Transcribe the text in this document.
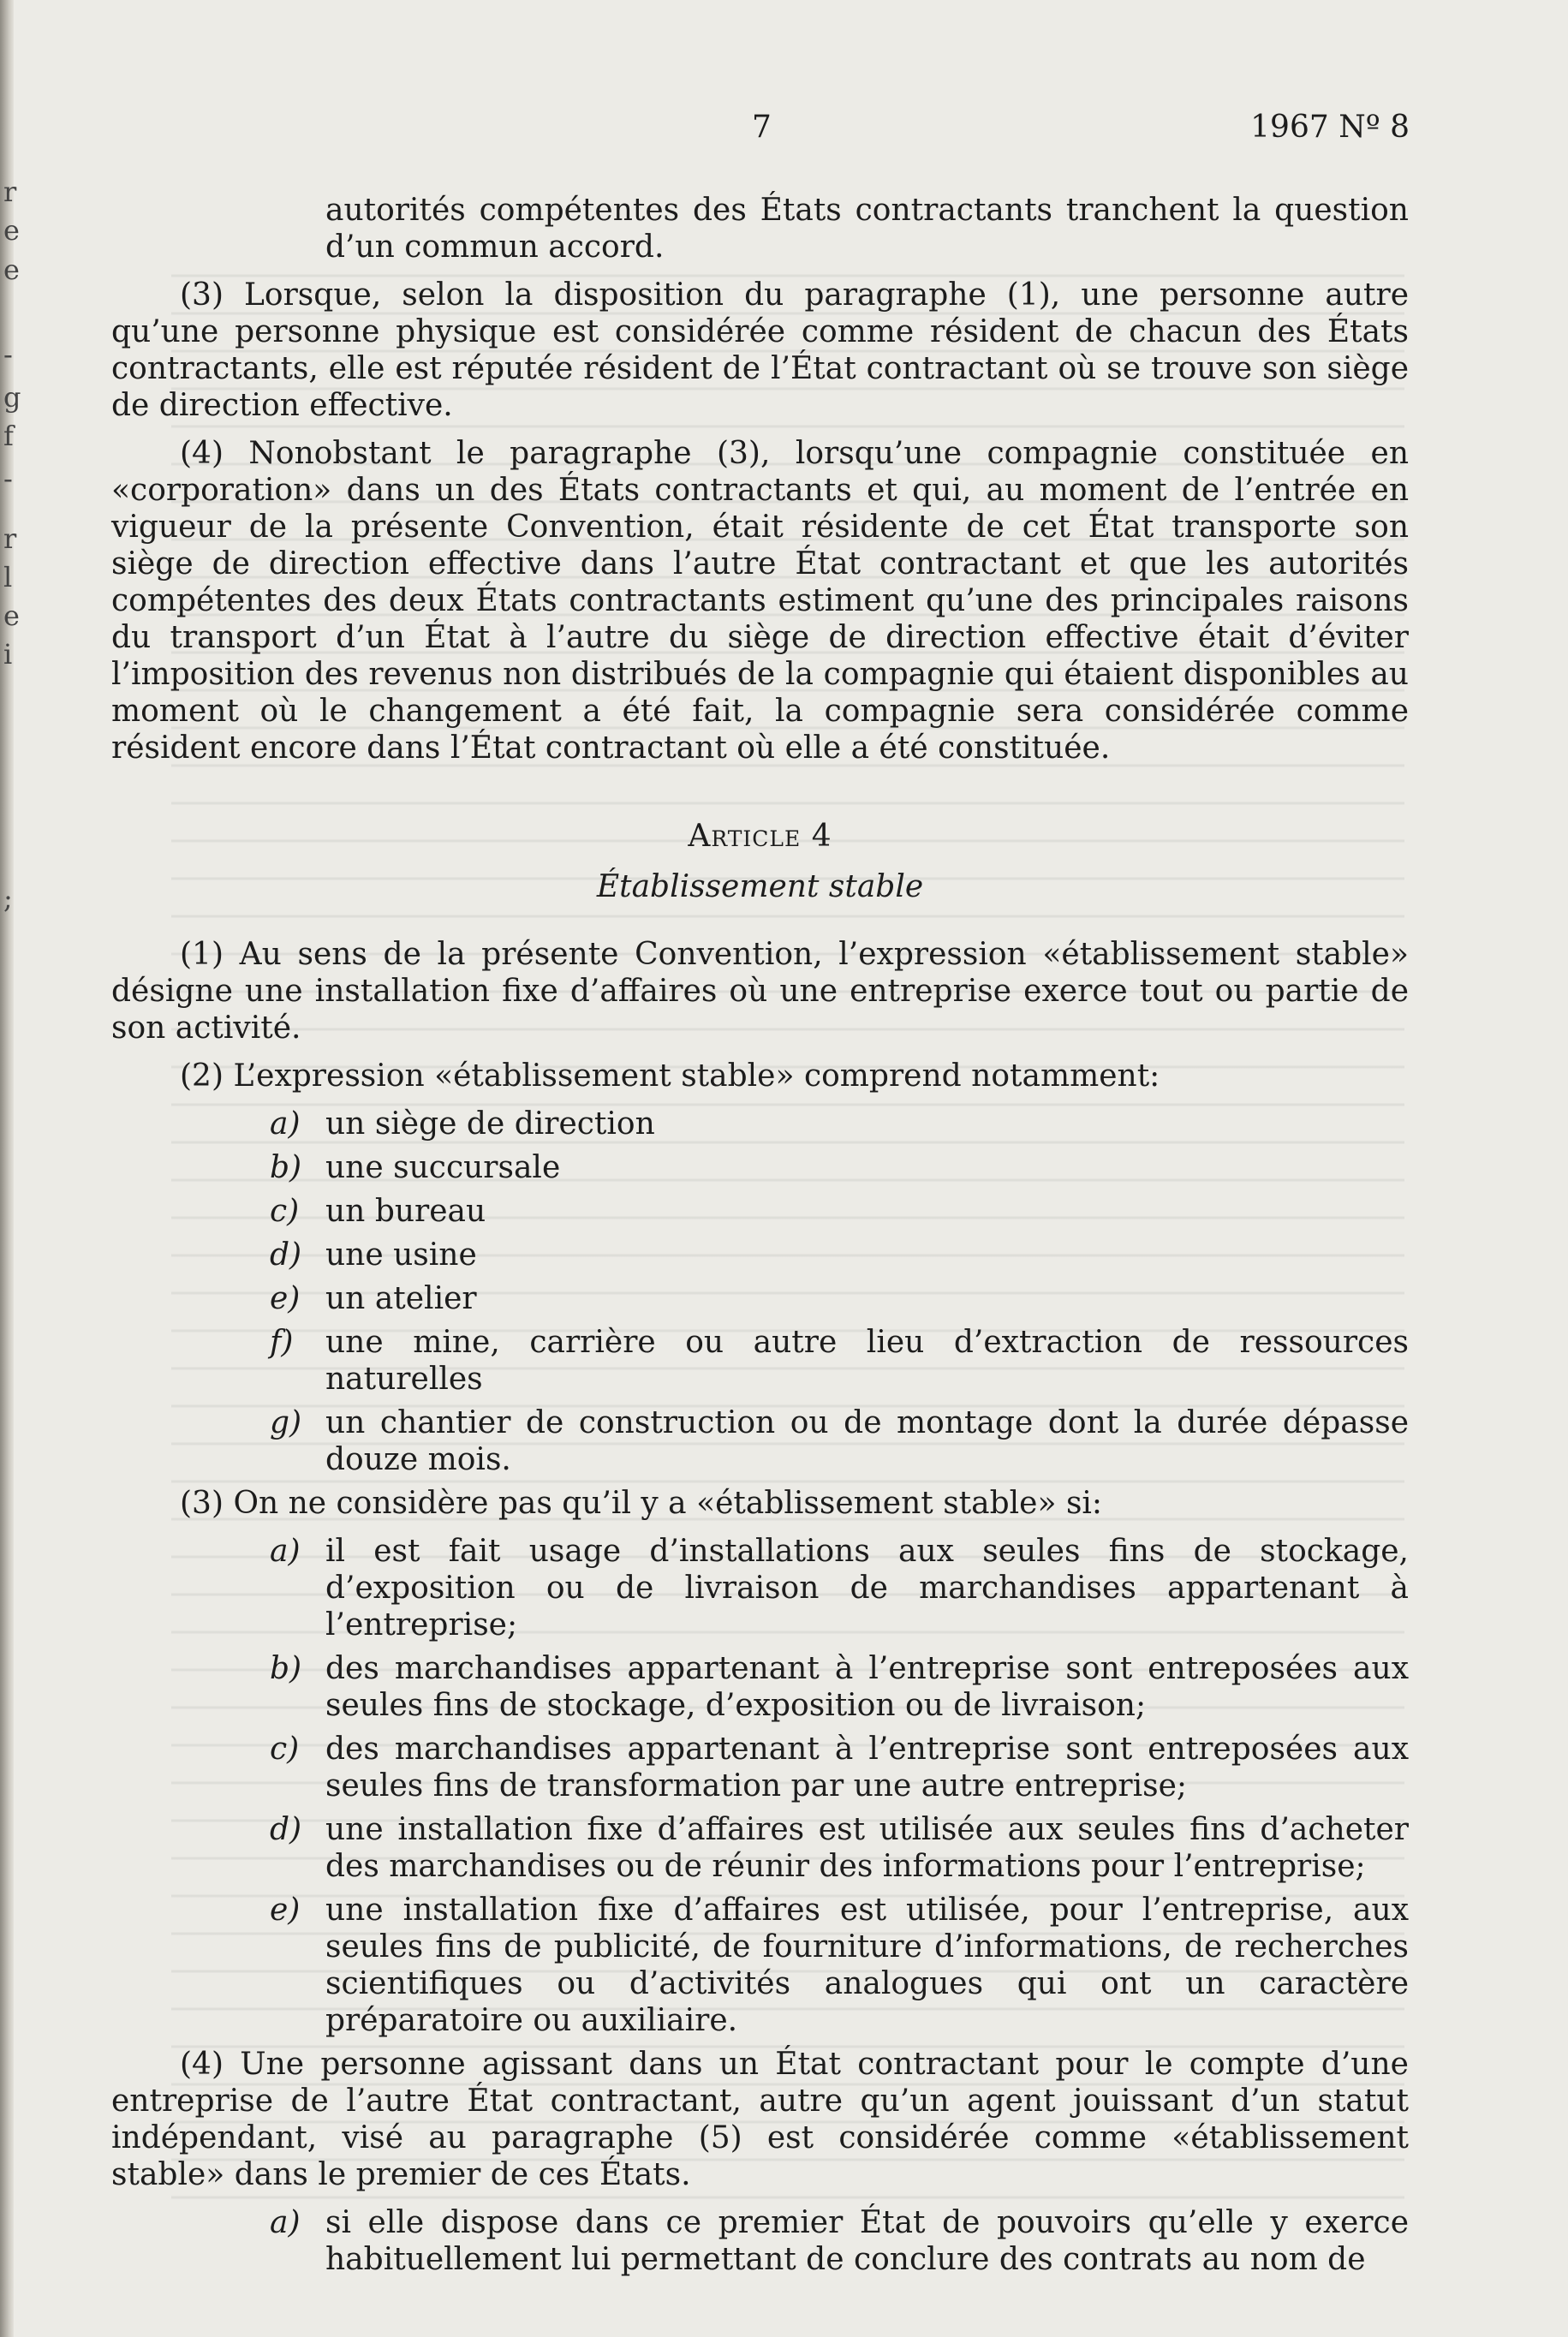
r
e
e
-
g
f
-
r
l
e
i
;
7	1967 Nº 8

autorités compétentes des États contractants tranchent la question d’un commun accord.

(3) Lorsque, selon la disposition du paragraphe (1), une personne autre qu’une personne physique est considérée comme résident de chacun des États contractants, elle est réputée résident de l’État contractant où se trouve son siège de direction effective.

(4) Nonobstant le paragraphe (3), lorsqu’une compagnie constituée en «corporation» dans un des États contractants et qui, au moment de l’entrée en vigueur de la présente Convention, était résidente de cet État transporte son siège de direction effective dans l’autre État contractant et que les autorités compétentes des deux États contractants estiment qu’une des principales raisons du transport d’un État à l’autre du siège de direction effective était d’éviter l’imposition des revenus non distribués de la compagnie qui étaient disponibles au moment où le changement a été fait, la compagnie sera considérée comme résident encore dans l’État contractant où elle a été constituée.

Article 4
Établissement stable

(1) Au sens de la présente Convention, l’expression «établissement stable» désigne une installation fixe d’affaires où une entreprise exerce tout ou partie de son activité.

(2) L’expression «établissement stable» comprend notamment:

a) un siège de direction
b) une succursale
c) un bureau
d) une usine
e) un atelier
f) une mine, carrière ou autre lieu d’extraction de ressources naturelles
g) un chantier de construction ou de montage dont la durée dépasse douze mois.

(3) On ne considère pas qu’il y a «établissement stable» si:

a) il est fait usage d’installations aux seules fins de stockage, d’exposition ou de livraison de marchandises appartenant à l’entreprise;
b) des marchandises appartenant à l’entreprise sont entreposées aux seules fins de stockage, d’exposition ou de livraison;
c) des marchandises appartenant à l’entreprise sont entreposées aux seules fins de transformation par une autre entreprise;
d) une installation fixe d’affaires est utilisée aux seules fins d’acheter des marchandises ou de réunir des informations pour l’entreprise;
e) une installation fixe d’affaires est utilisée, pour l’entreprise, aux seules fins de publicité, de fourniture d’informations, de recherches scientifiques ou d’activités analogues qui ont un caractère préparatoire ou auxiliaire.

(4) Une personne agissant dans un État contractant pour le compte d’une entreprise de l’autre État contractant, autre qu’un agent jouissant d’un statut indépendant, visé au paragraphe (5) est considérée comme «établissement stable» dans le premier de ces États.

a) si elle dispose dans ce premier État de pouvoirs qu’elle y exerce habituellement lui permettant de conclure des contrats au nom de
